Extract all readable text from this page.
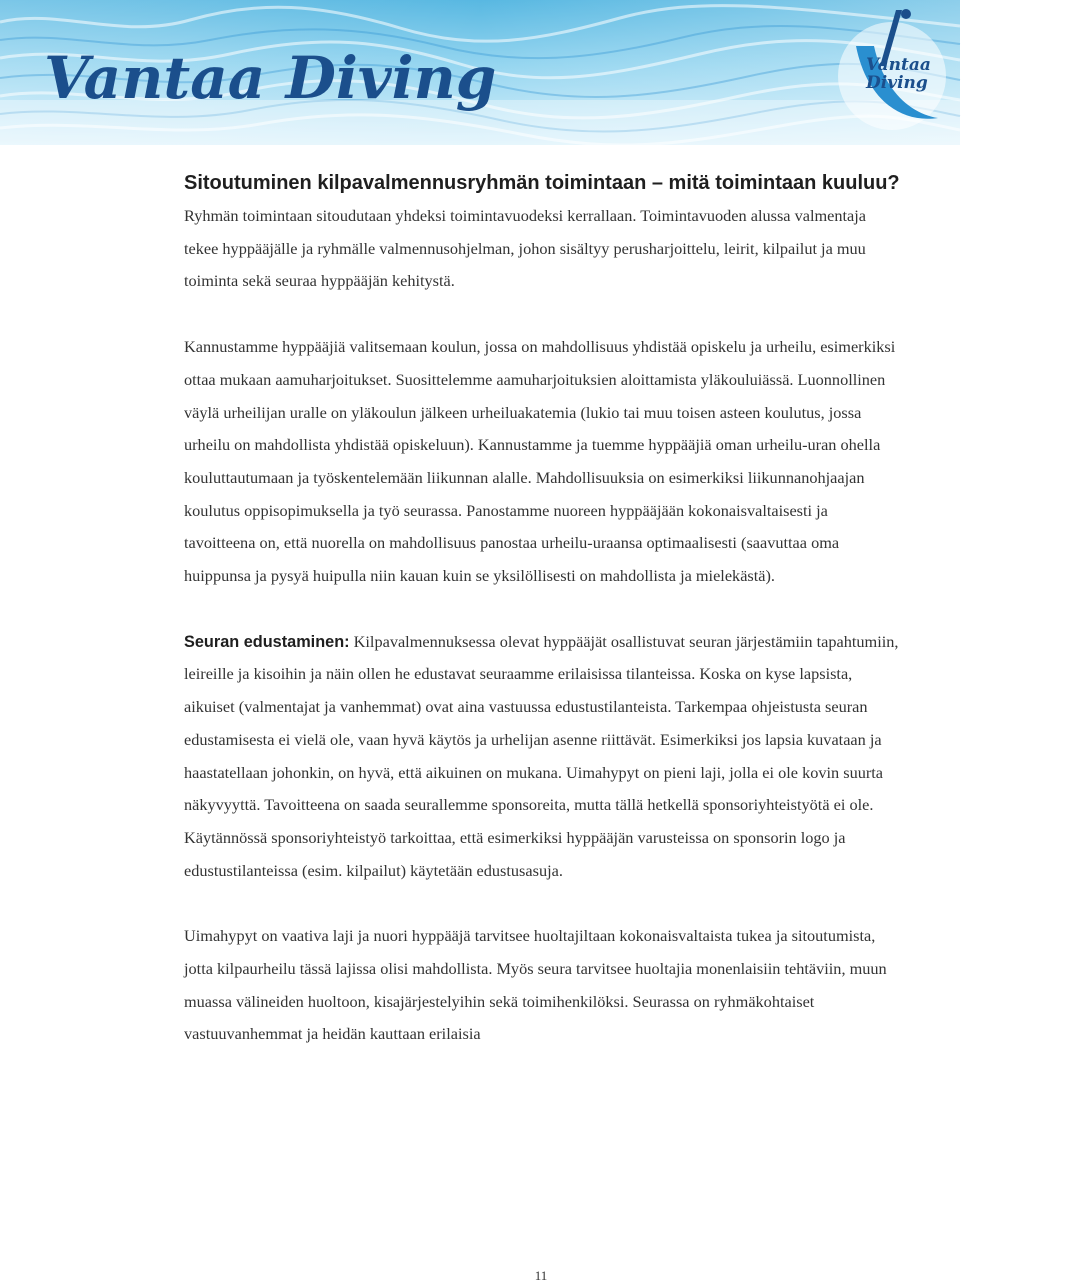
Vantaa Diving	Vantaa
Diving

Sitoutuminen kilpavalmennusryhmän toimintaan – mitä toimintaan kuuluu?

Ryhmän toimintaan sitoudutaan yhdeksi toimintavuodeksi kerrallaan. Toimintavuoden alussa valmentaja tekee hyppääjälle ja ryhmälle valmennusohjelman, johon sisältyy perusharjoittelu, leirit, kilpailut ja muu toiminta sekä seuraa hyppääjän kehitystä.

Kannustamme hyppääjiä valitsemaan koulun, jossa on mahdollisuus yhdistää opiskelu ja urheilu, esimerkiksi ottaa mukaan aamuharjoitukset. Suosittelemme aamuharjoituksien aloittamista yläkouluiässä. Luonnollinen väylä urheilijan uralle on yläkoulun jälkeen urheiluakatemia (lukio tai muu toisen asteen koulutus, jossa urheilu on mahdollista yhdistää opiskeluun). Kannustamme ja tuemme hyppääjiä oman urheilu-uran ohella kouluttautumaan ja työskentelemään liikunnan alalle. Mahdollisuuksia on esimerkiksi liikunnanohjaajan koulutus oppisopimuksella ja työ seurassa. Panostamme nuoreen hyppääjään kokonaisvaltaisesti ja tavoitteena on, että nuorella on mahdollisuus panostaa urheilu-uraansa optimaalisesti (saavuttaa oma huippunsa ja pysyä huipulla niin kauan kuin se yksilöllisesti on mahdollista ja mielekästä).

Seuran edustaminen: Kilpavalmennuksessa olevat hyppääjät osallistuvat seuran järjestämiin tapahtumiin, leireille ja kisoihin ja näin ollen he edustavat seuraamme erilaisissa tilanteissa. Koska on kyse lapsista, aikuiset (valmentajat ja vanhemmat) ovat aina vastuussa edustustilanteista. Tarkempaa ohjeistusta seuran edustamisesta ei vielä ole, vaan hyvä käytös ja urhelijan asenne riittävät. Esimerkiksi jos lapsia kuvataan ja haastatellaan johonkin, on hyvä, että aikuinen on mukana. Uimahypyt on pieni laji, jolla ei ole kovin suurta näkyvyyttä. Tavoitteena on saada seurallemme sponsoreita, mutta tällä hetkellä sponsoriyhteistyötä ei ole. Käytännössä sponsoriyhteistyö tarkoittaa, että esimerkiksi hyppääjän varusteissa on sponsorin logo ja edustustilanteissa (esim. kilpailut) käytetään edustusasuja.

Uimahypyt on vaativa laji ja nuori hyppääjä tarvitsee huoltajiltaan kokonaisvaltaista tukea ja sitoutumista, jotta kilpaurheilu tässä lajissa olisi mahdollista. Myös seura tarvitsee huoltajia monenlaisiin tehtäviin, muun muassa välineiden huoltoon, kisajärjestelyihin sekä toimihenkilöksi. Seurassa on ryhmäkohtaiset vastuuvanhemmat ja heidän kauttaan erilaisia

11
